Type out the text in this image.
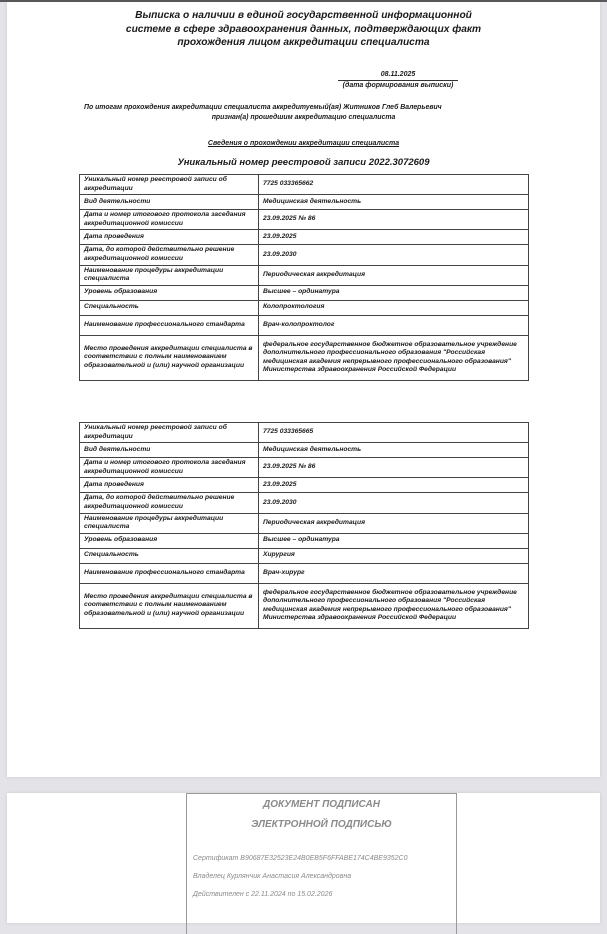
Выписка о наличии в единой государственной информационной
системе в сфере здравоохранения данных, подтверждающих факт
прохождения лицом аккредитации специалиста
08.11.2025
(дата формирования выписки)
По итогам прохождения аккредитации специалиста аккредитуемый(ая) Житников Глеб Валерьевич
признан(а) прошедшим аккредитацию специалиста
Сведения о прохождении аккредитации специалиста
Уникальный номер реестровой записи 2022.3072609
Уникальный номер реестровой записи об аккредитации	7725 033365662
Вид деятельности	Медицинская деятельность
Дата и номер итогового протокола заседания аккредитационной комиссии	23.09.2025 № 86
Дата проведения	23.09.2025
Дата, до которой действительно решение аккредитационной комиссии	23.09.2030
Наименование процедуры аккредитации специалиста	Периодическая аккредитация
Уровень образования	Высшее – ординатура
Специальность	Колопроктология
Наименование профессионального стандарта	Врач-колопроктолог
Место проведения аккредитации специалиста в соответствии с полным наименованием образовательной и (или) научной организации	федеральное государственное бюджетное образовательное учреждение дополнительного профессионального образования "Российская медицинская академия непрерывного профессионального образования" Министерства здравоохранения Российской Федерации
Уникальный номер реестровой записи об аккредитации	7725 033365665
Вид деятельности	Медицинская деятельность
Дата и номер итогового протокола заседания аккредитационной комиссии	23.09.2025 № 86
Дата проведения	23.09.2025
Дата, до которой действительно решение аккредитационной комиссии	23.09.2030
Наименование процедуры аккредитации специалиста	Периодическая аккредитация
Уровень образования	Высшее – ординатура
Специальность	Хирургия
Наименование профессионального стандарта	Врач-хирург
Место проведения аккредитации специалиста в соответствии с полным наименованием образовательной и (или) научной организации	федеральное государственное бюджетное образовательное учреждение дополнительного профессионального образования "Российская медицинская академия непрерывного профессионального образования" Министерства здравоохранения Российской Федерации
ДОКУМЕНТ ПОДПИСАН
ЭЛЕКТРОННОЙ ПОДПИСЬЮ
Сертификат B90687E32523E24B0EB5F6FFABE174C4BE9352C0
Владелец Курлянчик Анастасия Александровна
Действителен с 22.11.2024 по 15.02.2026
